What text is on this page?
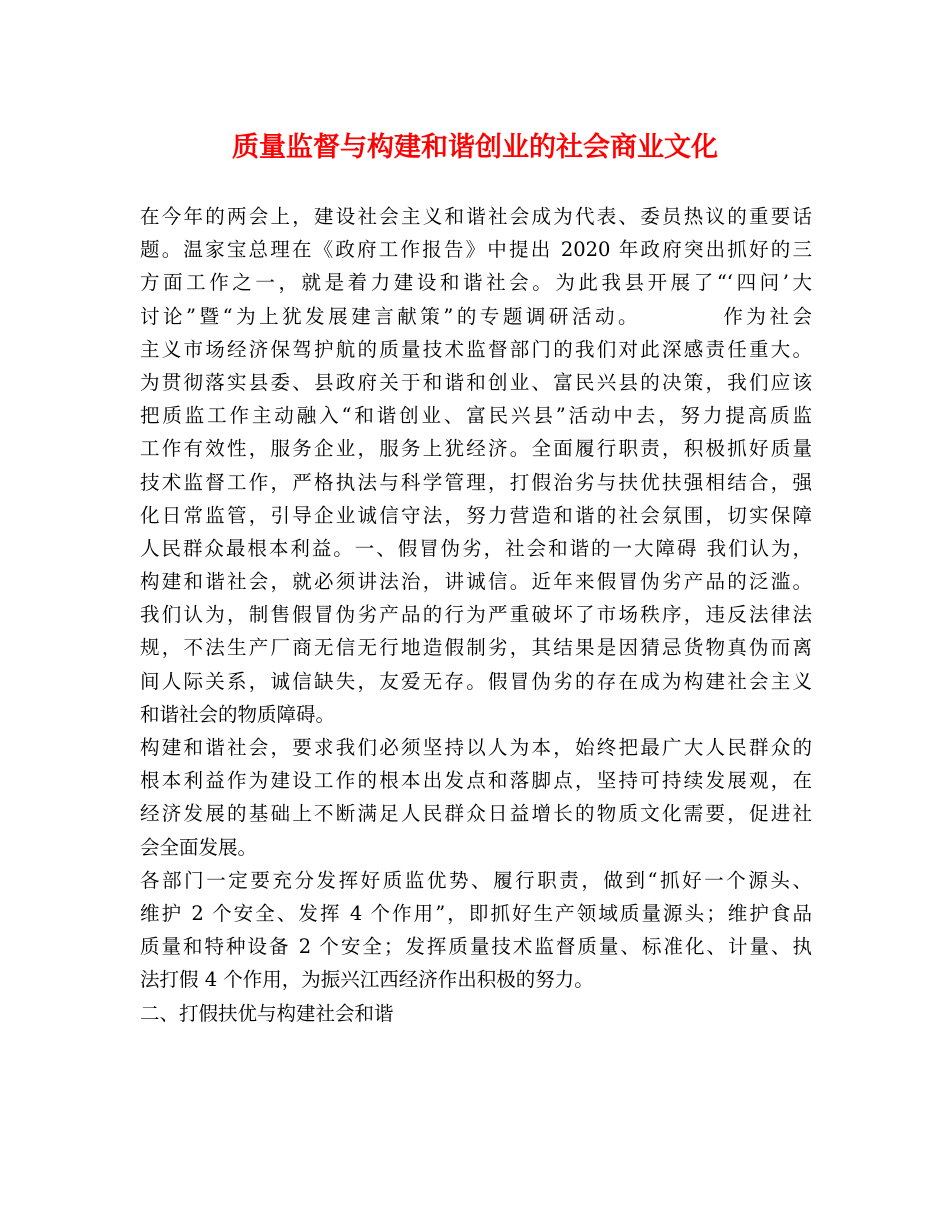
质量监督与构建和谐创业的社会商业文化
在今年的两会上，建设社会主义和谐社会成为代表、委员热议的重要话
题。温家宝总理在《政府工作报告》中提出 2020 年政府突出抓好的三
方面工作之一，就是着力建设和谐社会。为此我县开展了“‘四问’大
讨论”暨“为上犹发展建言献策”的专题调研活动。　　　　作为社会
主义市场经济保驾护航的质量技术监督部门的我们对此深感责任重大。
为贯彻落实县委、县政府关于和谐和创业、富民兴县的决策，我们应该
把质监工作主动融入“和谐创业、富民兴县”活动中去，努力提高质监
工作有效性，服务企业，服务上犹经济。全面履行职责，积极抓好质量
技术监督工作，严格执法与科学管理，打假治劣与扶优扶强相结合，强
化日常监管，引导企业诚信守法，努力营造和谐的社会氛围，切实保障
人民群众最根本利益。一、假冒伪劣，社会和谐的一大障碍 我们认为，
构建和谐社会，就必须讲法治，讲诚信。近年来假冒伪劣产品的泛滥。
我们认为，制售假冒伪劣产品的行为严重破坏了市场秩序，违反法律法
规，不法生产厂商无信无行地造假制劣，其结果是因猜忌货物真伪而离
间人际关系，诚信缺失，友爱无存。假冒伪劣的存在成为构建社会主义
和谐社会的物质障碍。
构建和谐社会，要求我们必须坚持以人为本，始终把最广大人民群众的
根本利益作为建设工作的根本出发点和落脚点，坚持可持续发展观，在
经济发展的基础上不断满足人民群众日益增长的物质文化需要，促进社
会全面发展。
各部门一定要充分发挥好质监优势、履行职责，做到“抓好一个源头、
维护 2 个安全、发挥 4 个作用”，即抓好生产领域质量源头；维护食品
质量和特种设备 2 个安全；发挥质量技术监督质量、标准化、计量、执
法打假 4 个作用，为振兴江西经济作出积极的努力。
二、打假扶优与构建社会和谐
